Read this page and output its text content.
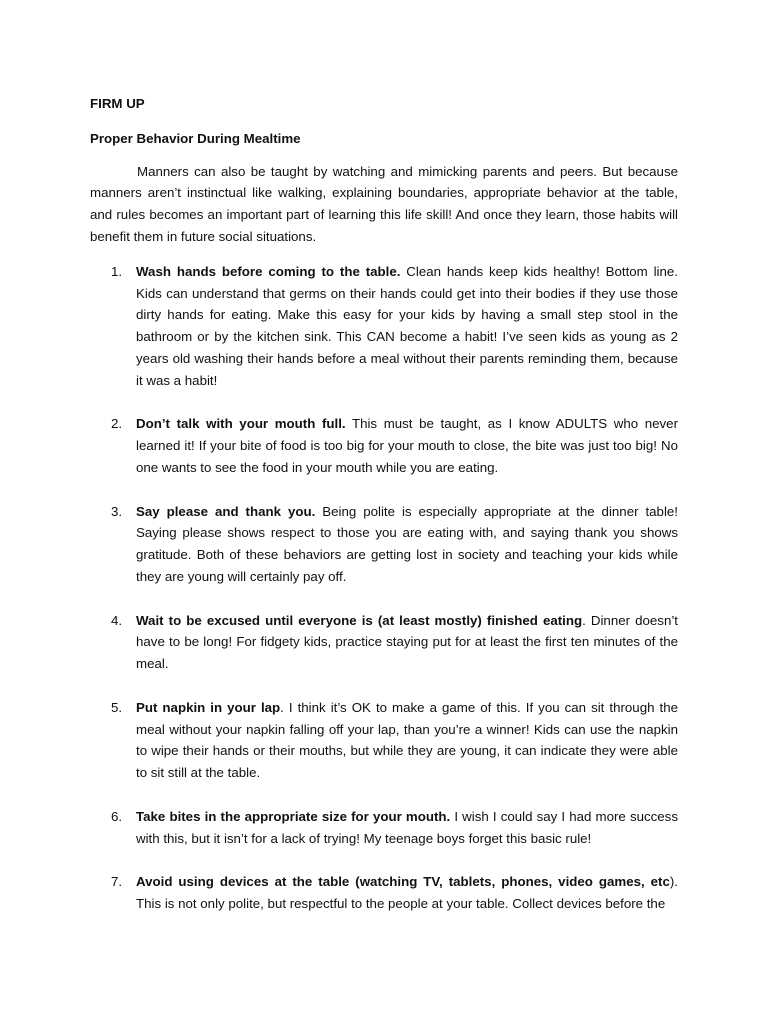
FIRM UP

Proper Behavior During Mealtime

Manners can also be taught by watching and mimicking parents and peers. But because manners aren’t instinctual like walking, explaining boundaries, appropriate behavior at the table, and rules becomes an important part of learning this life skill! And once they learn, those habits will benefit them in future social situations.

1.	Wash hands before coming to the table. Clean hands keep kids healthy! Bottom line. Kids can understand that germs on their hands could get into their bodies if they use those dirty hands for eating. Make this easy for your kids by having a small step stool in the bathroom or by the kitchen sink. This CAN become a habit! I’ve seen kids as young as 2 years old washing their hands before a meal without their parents reminding them, because it was a habit!
2.	Don’t talk with your mouth full. This must be taught, as I know ADULTS who never learned it! If your bite of food is too big for your mouth to close, the bite was just too big! No one wants to see the food in your mouth while you are eating.
3.	Say please and thank you. Being polite is especially appropriate at the dinner table! Saying please shows respect to those you are eating with, and saying thank you shows gratitude. Both of these behaviors are getting lost in society and teaching your kids while they are young will certainly pay off.
4.	Wait to be excused until everyone is (at least mostly) finished eating. Dinner doesn’t have to be long! For fidgety kids, practice staying put for at least the first ten minutes of the meal.
5.	Put napkin in your lap. I think it’s OK to make a game of this. If you can sit through the meal without your napkin falling off your lap, than you’re a winner! Kids can use the napkin to wipe their hands or their mouths, but while they are young, it can indicate they were able to sit still at the table.
6.	Take bites in the appropriate size for your mouth. I wish I could say I had more success with this, but it isn’t for a lack of trying! My teenage boys forget this basic rule!
7.	Avoid using devices at the table (watching TV, tablets, phones, video games, etc). This is not only polite, but respectful to the people at your table. Collect devices before the
